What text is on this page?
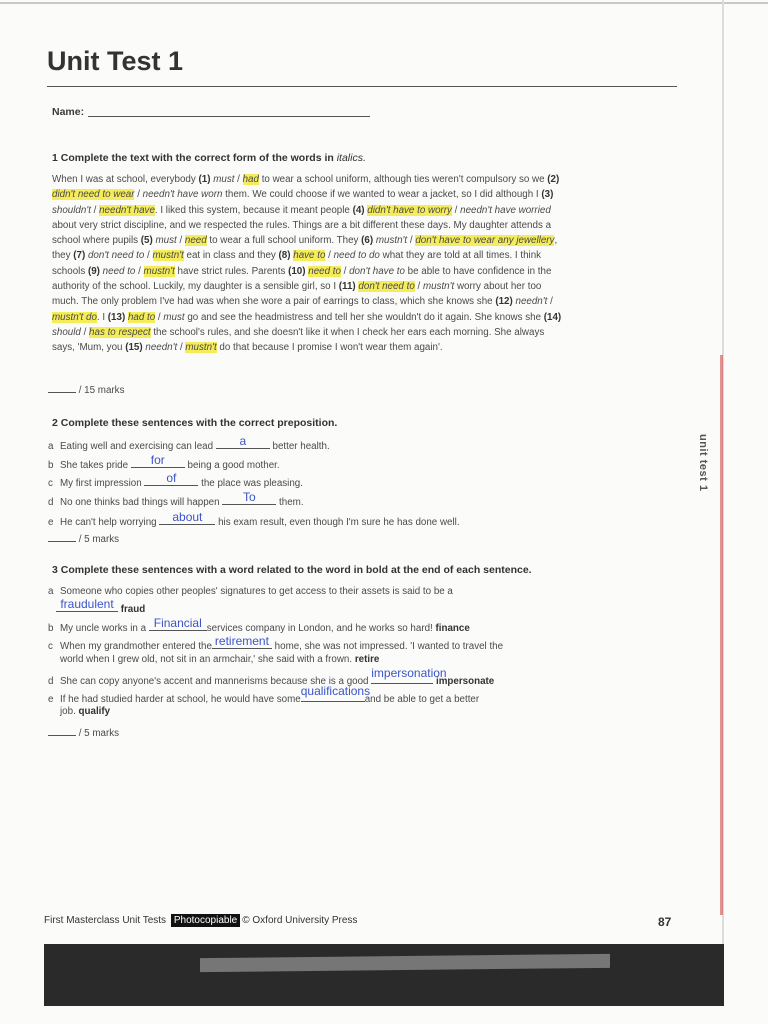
Unit Test 1
Name:
1 Complete the text with the correct form of the words in italics.
When I was at school, everybody (1) must / had to wear a school uniform, although ties weren't compulsory so we (2) didn't need to wear / needn't have worn them. We could choose if we wanted to wear a jacket, so I did although I (3) shouldn't / needn't have. I liked this system, because it meant people (4) didn't have to worry / needn't have worried about very strict discipline, and we respected the rules. Things are a bit different these days. My daughter attends a school where pupils (5) must / need to wear a full school uniform. They (6) mustn't / don't have to wear any jewellery, they (7) don't need to / mustn't eat in class and they (8) have to / need to do what they are told at all times. I think schools (9) need to / mustn't have strict rules. Parents (10) need to / don't have to be able to have confidence in the authority of the school. Luckily, my daughter is a sensible girl, so I (11) don't need to / mustn't worry about her too much. The only problem I've had was when she wore a pair of earrings to class, which she knows she (12) needn't / mustn't do. I (13) had to / must go and see the headmistress and tell her she wouldn't do it again. She knows she (14) should / has to respect the school's rules, and she doesn't like it when I check her ears each morning. She always says, 'Mum, you (15) needn't / mustn't do that because I promise I won't wear them again'.
/ 15 marks
2 Complete these sentences with the correct preposition.
a Eating well and exercising can lead	a	better health.
b She takes pride	for	being a good mother.
c My first impression	of	the place was pleasing.
d No one thinks bad things will happen	To	them.
e He can't help worrying	about	his exam result, even though I'm sure he has done well.
/ 5 marks
3 Complete these sentences with a word related to the word in bold at the end of each sentence.
a Someone who copies other peoples' signatures to get access to their assets is said to be a
fraudulent fraud
b My uncle works in a Financial services company in London, and he works so hard! finance
c When my grandmother entered the retirement home, she was not impressed. 'I wanted to travel the
world when I grew old, not sit in an armchair,' she said with a frown. retire
d She can copy anyone's accent and mannerisms because she is a good
impersonation
impersonate
e If he had studied harder at school, he would have some
qualifications
and be able to get a better
job. qualify
/ 5 marks
unit test 1
First Masterclass Unit Tests Photocopiable © Oxford University Press	87
